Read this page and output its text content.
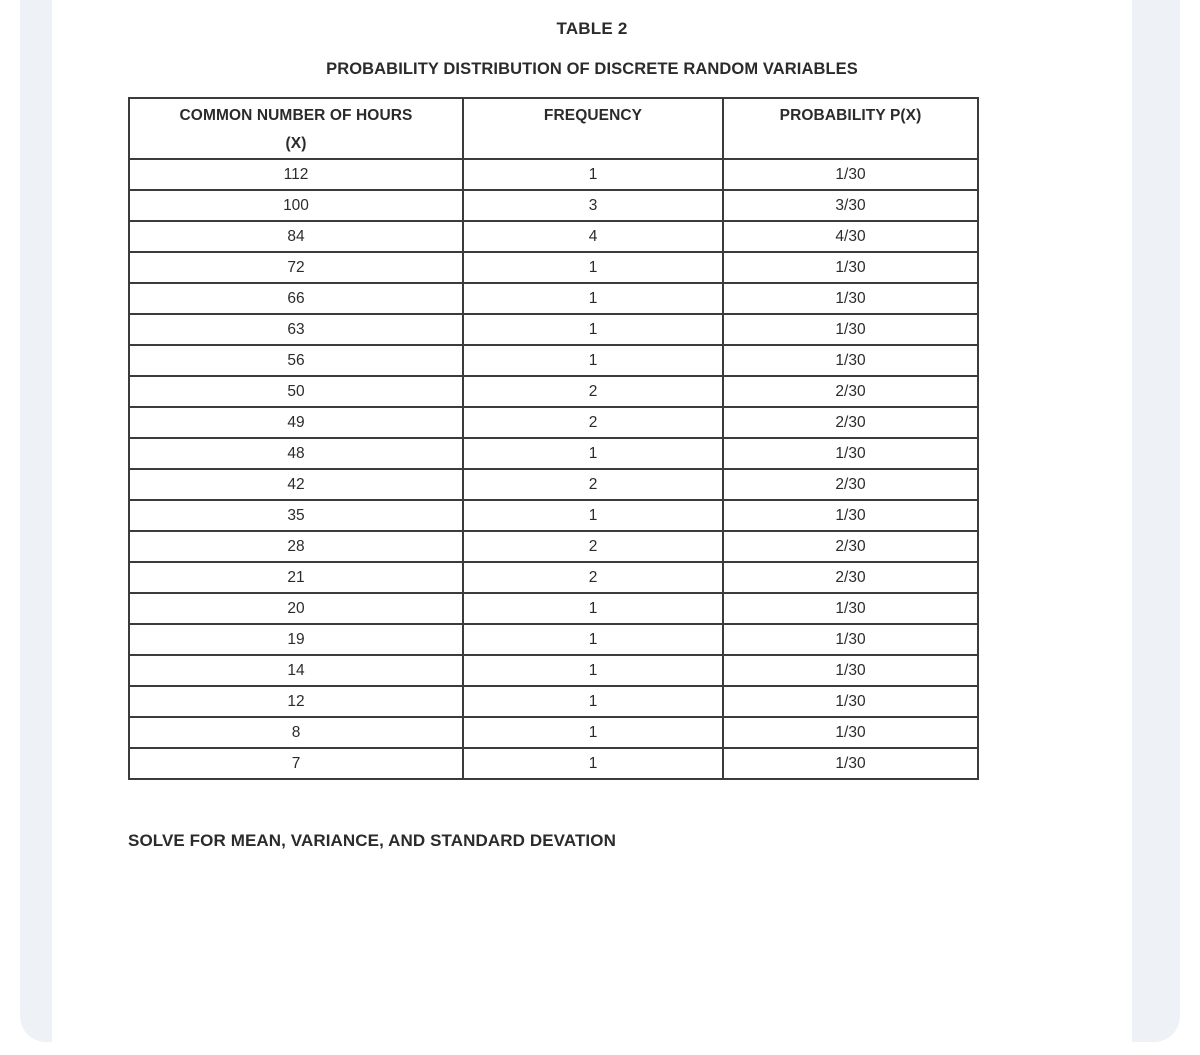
TABLE 2
PROBABILITY DISTRIBUTION OF DISCRETE RANDOM VARIABLES
COMMON NUMBER OF HOURS
(X)	FREQUENCY	PROBABILITY P(X)
112	1	1/30
100	3	3/30
84	4	4/30
72	1	1/30
66	1	1/30
63	1	1/30
56	1	1/30
50	2	2/30
49	2	2/30
48	1	1/30
42	2	2/30
35	1	1/30
28	2	2/30
21	2	2/30
20	1	1/30
19	1	1/30
14	1	1/30
12	1	1/30
8	1	1/30
7	1	1/30
SOLVE FOR MEAN, VARIANCE, AND STANDARD DEVATION
